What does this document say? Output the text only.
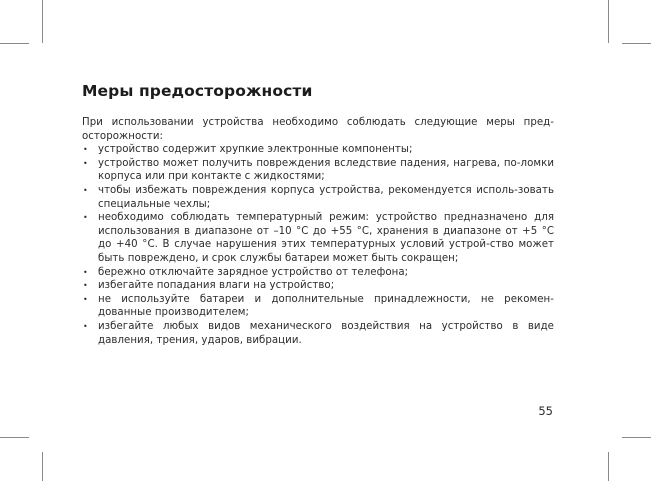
Меры предосторожности

При использовании устройства необходимо соблюдать следующие меры пред-осторожности:

• устройство содержит хрупкие электронные компоненты;
• устройство может получить повреждения вследствие падения, нагрева, по-ломки корпуса или при контакте с жидкостями;
• чтобы избежать повреждения корпуса устройства, рекомендуется исполь-зовать специальные чехлы;
• необходимо соблюдать температурный режим: устройство предназначено для использования в диапазоне от –10 °С до +55 °С, хранения в диапазоне от +5 °С до +40 °С. В случае нарушения этих температурных условий устрой-ство может быть повреждено, и срок службы батареи может быть сокращен;
• бережно отключайте зарядное устройство от телефона;
• избегайте попадания влаги на устройство;
• не используйте батареи и дополнительные принадлежности, не рекомен-дованные производителем;
• избегайте любых видов механического воздействия на устройство в виде давления, трения, ударов, вибрации.
55
